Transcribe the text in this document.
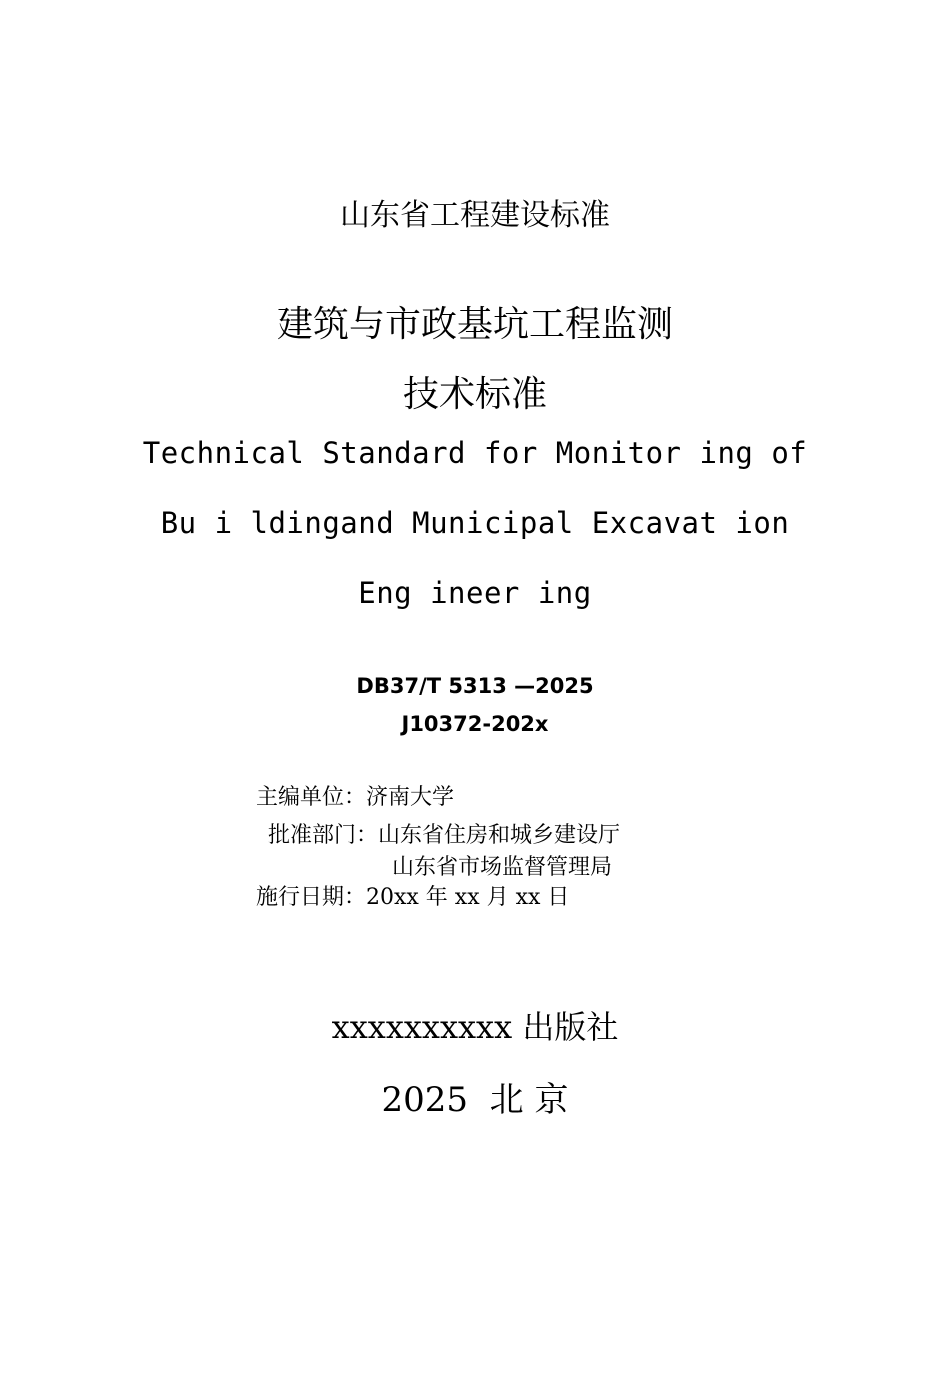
山东省工程建设标准
建筑与市政基坑工程监测
技术标准
Technical Standard for Monitor ing of
Bu i ldingand Municipal Excavat ion
Eng ineer ing
DB37/T 5313 —2025
J10372-202x
主编单位：济南大学
批准部门：山东省住房和城乡建设厅
山东省市场监督管理局
施行日期：20xx 年 xx 月 xx 日
xxxxxxxxxx 出版社
2025  北 京
